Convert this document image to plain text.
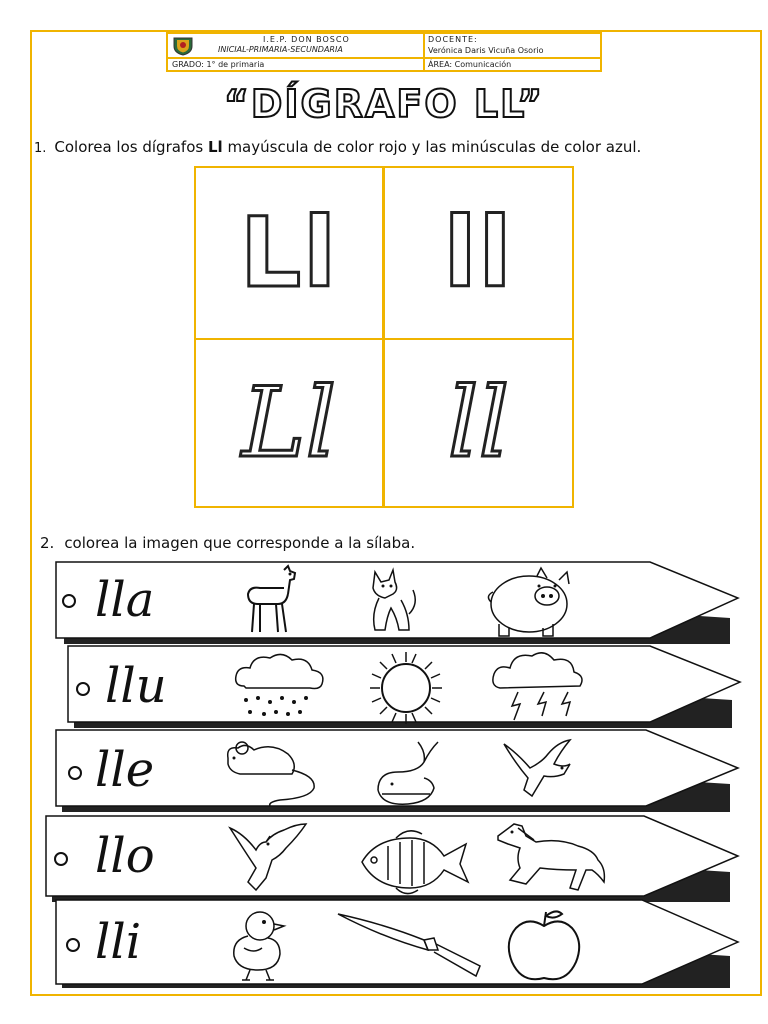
I.E.P. DON BOSCO
INICIAL-PRIMARIA-SECUNDARIA
GRADO: 1° de primaria
DOCENTE:
Verónica Daris Vicuña Osorio
ÁREA: Comunicación
“DÍGRAFO LL”
1. Colorea los dígrafos Ll mayúscula de color rojo y las minúsculas de color azul.
Ll ll
Ll ll
2. colorea la imagen que corresponde a la sílaba.
lla
llu
lle
llo
lli
